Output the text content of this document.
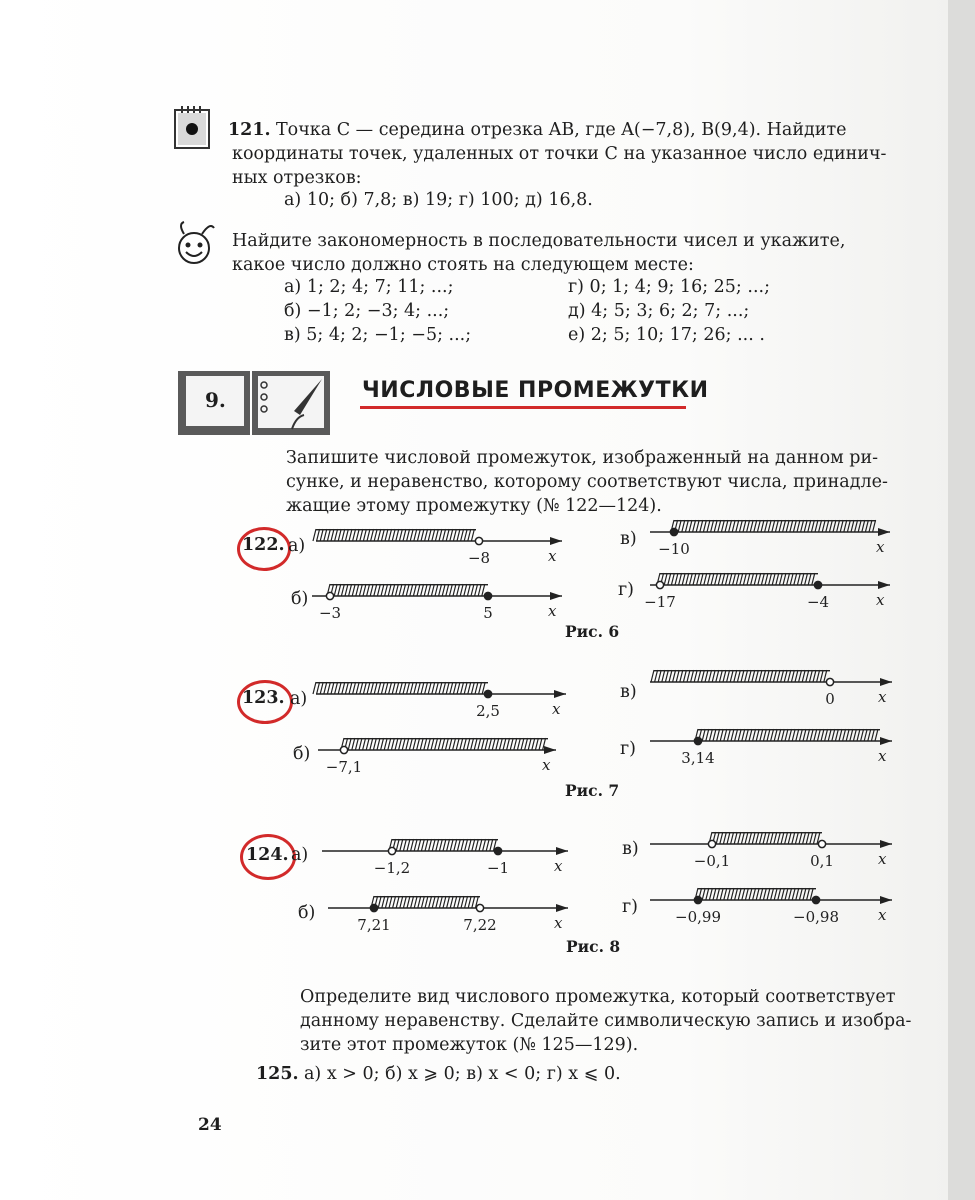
121. Точка C — середина отрезка AB, где A(−7,8), B(9,4). Найдите
координаты точек, удаленных от точки C на указанное число единич-
ных отрезков:
а) 10; б) 7,8; в) 19; г) 100; д) 16,8.
Найдите закономерность в последовательности чисел и укажите,
какое число должно стоять на следующем месте:
а) 1; 2; 4; 7; 11; ...;
б) −1; 2; −3; 4; ...;
в) 5; 4; 2; −1; −5; ...;
г) 0; 1; 4; 9; 16; 25; ...;
д) 4; 5; 3; 6; 2; 7; ...;
е) 2; 5; 10; 17; 26; ... .
9.	ЧИСЛОВЫЕ ПРОМЕЖУТКИ
Запишите числовой промежуток, изображенный на данном ри-
сунке, и неравенство, которому соответствуют числа, принадле-
жащие этому промежутку (№ 122—124).
x
−8
x
−3	5
x
−10
x
−17	−4
x
2,5
x
−7,1
x
0
x
3,14
x
−1,2	−1
x
7,21	7,22
x
−0,1	0,1
x
−0,99	−0,98
122.
123.
124.
а)
б)
в)
г)
Рис. 6
а)
б)
в)
г)
Рис. 7
а)
б)
в)
г)
Рис. 8
Определите вид числового промежутка, который соответствует
данному неравенству. Сделайте символическую запись и изобра-
зите этот промежуток (№ 125—129).
125. а) x > 0; б) x ⩾ 0; в) x < 0; г) x ⩽ 0.
24
